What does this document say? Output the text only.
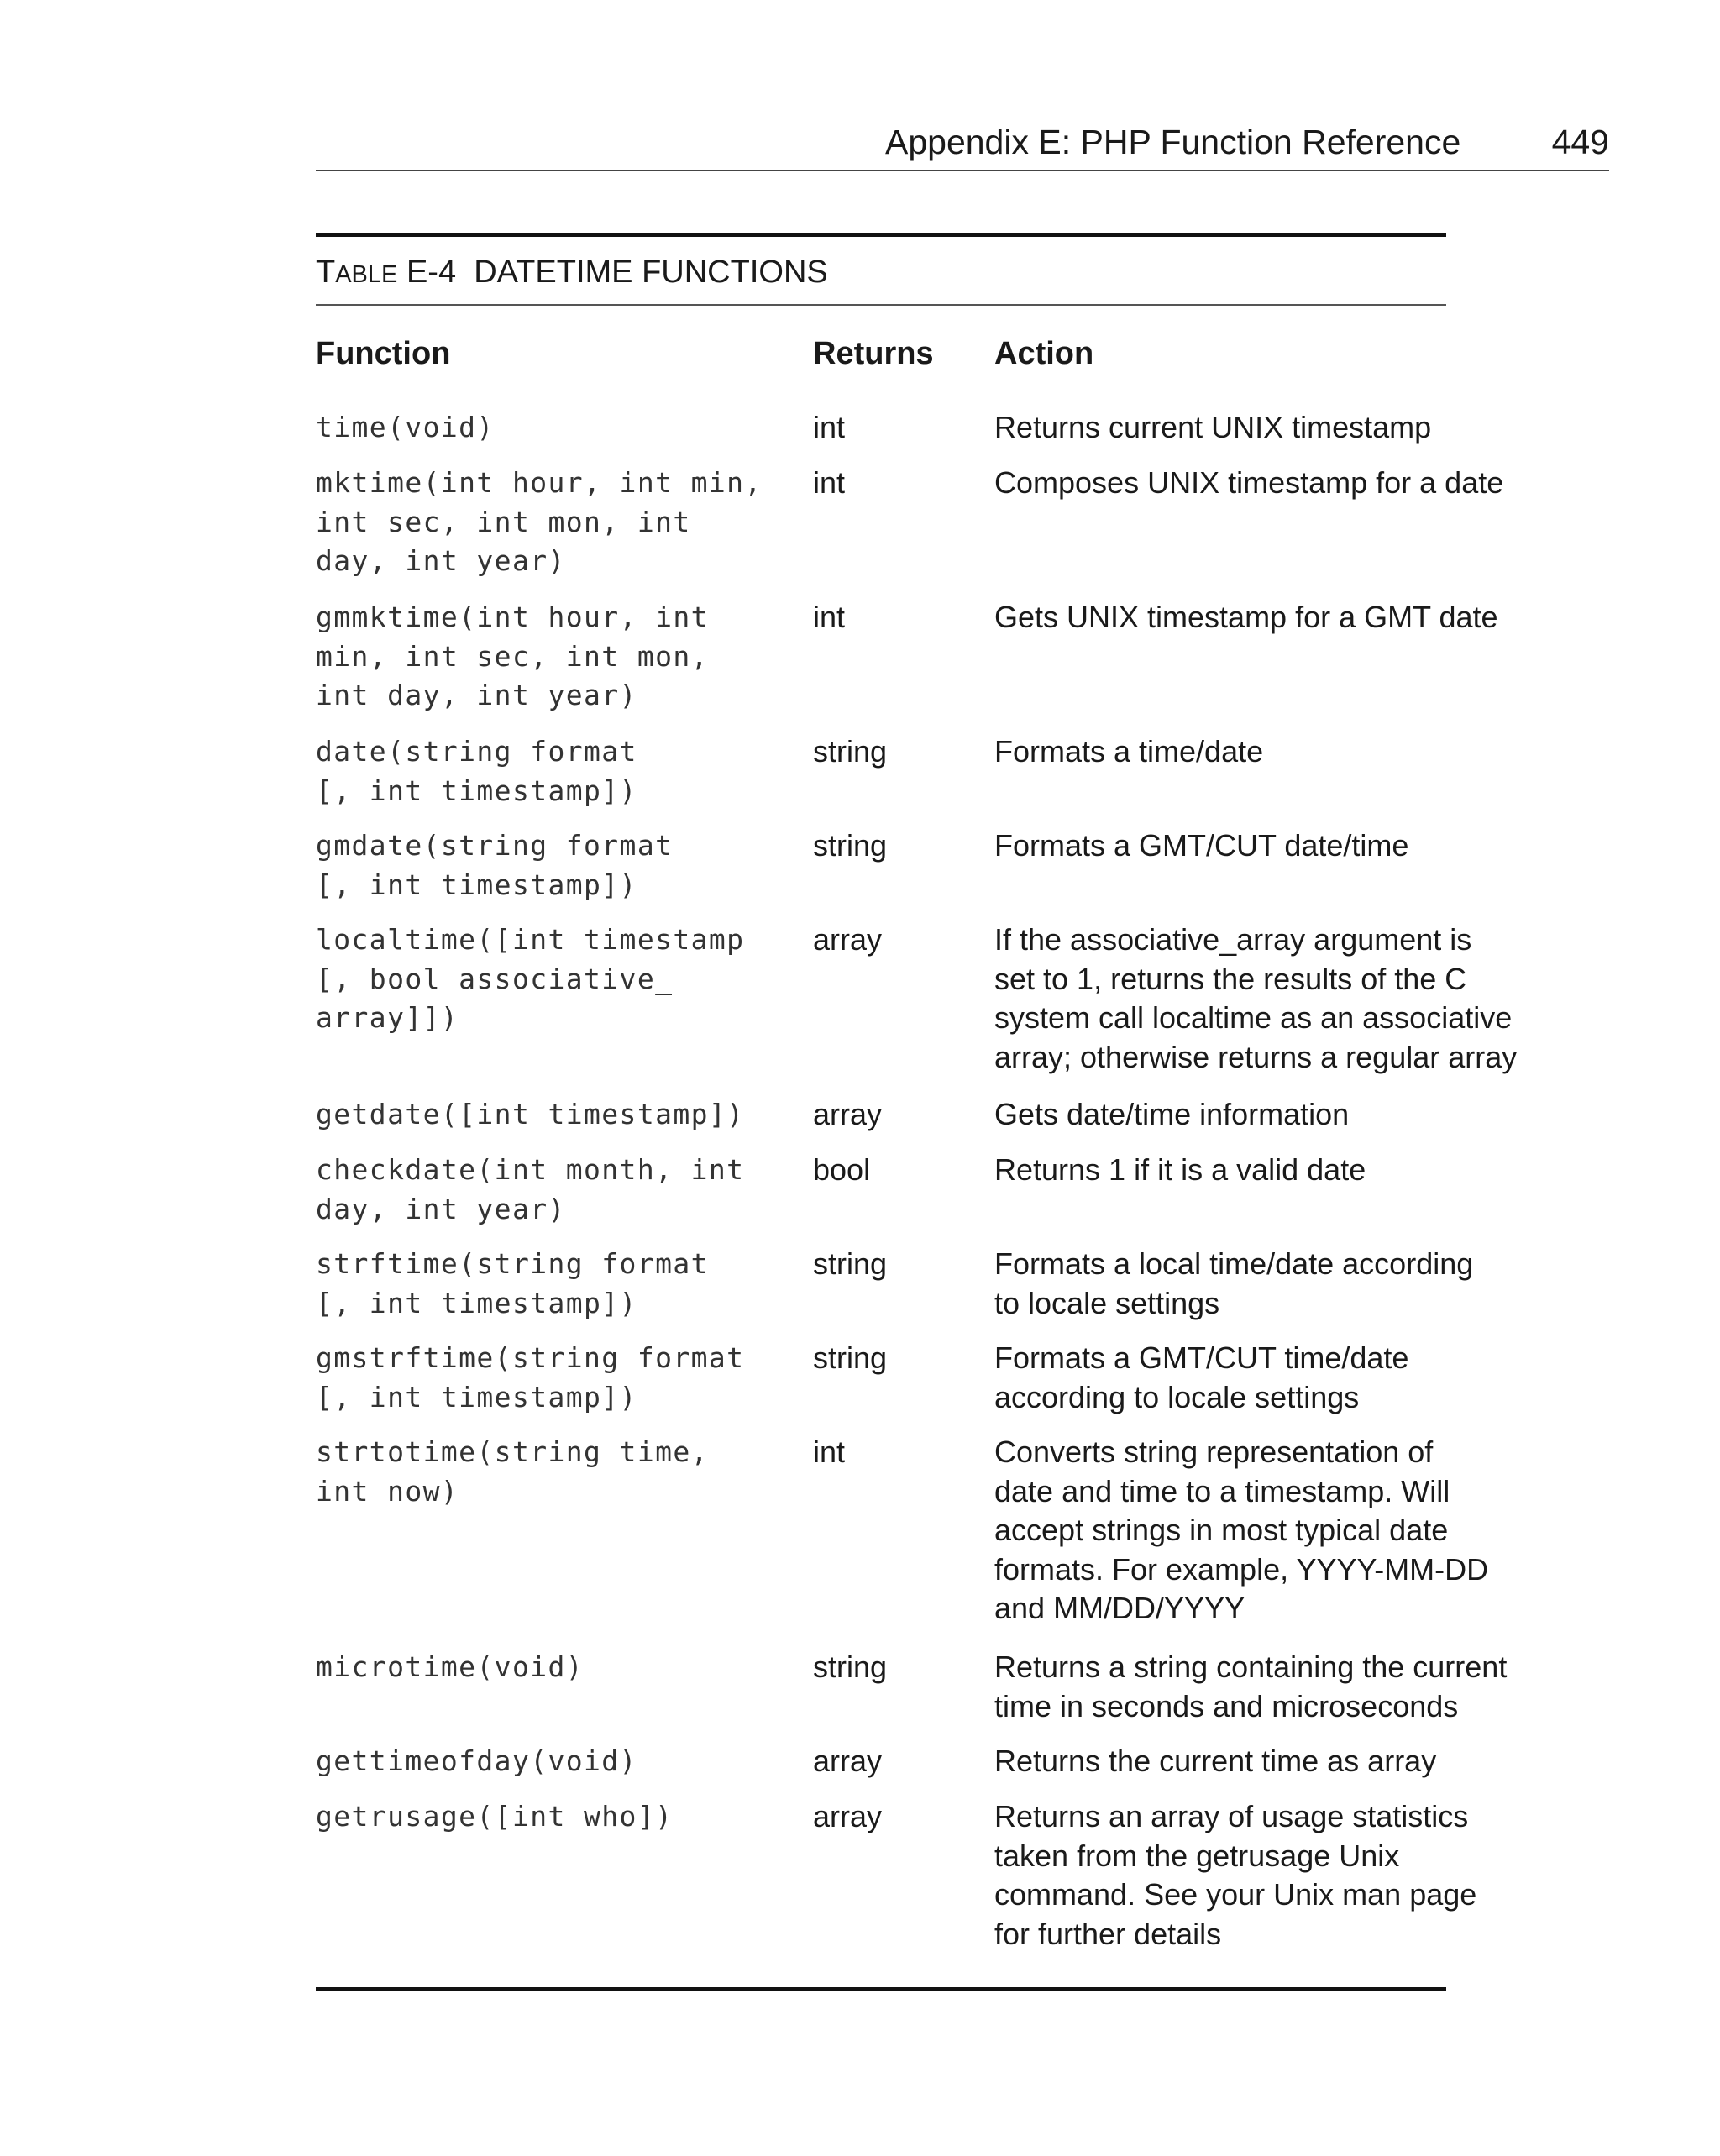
Appendix E: PHP Function Reference	449
TABLE E-4 DATETIME FUNCTIONS
Function	Returns Action
time(void)	int	Returns current UNIX timestamp
mktime(int hour, int min,
int sec, int mon, int
day, int year)
int	Composes UNIX timestamp for a date
gmmktime(int hour, int
min, int sec, int mon,
int day, int year)
int	Gets UNIX timestamp for a GMT date
date(string format
[, int timestamp])
string	Formats a time/date
gmdate(string format
[, int timestamp])
string	Formats a GMT/CUT date/time
localtime([int timestamp
[, bool associative_
array]])
array	If the associative_array argument is
set to 1, returns the results of the C
system call localtime as an associative
array; otherwise returns a regular array
getdate([int timestamp]) array	Gets date/time information
checkdate(int month, int
day, int year)
bool	Returns 1 if it is a valid date
strftime(string format
[, int timestamp])
string	Formats a local time/date according
to locale settings
gmstrftime(string format
[, int timestamp])
string	Formats a GMT/CUT time/date
according to locale settings
strtotime(string time,
int now)
int	Converts string representation of
date and time to a timestamp. Will
accept strings in most typical date
formats. For example, YYYY-MM-DD
and MM/DD/YYYY
microtime(void)	string	Returns a string containing the current
time in seconds and microseconds
gettimeofday(void)	array	Returns the current time as array
getrusage([int who])	array	Returns an array of usage statistics
taken from the getrusage Unix
command. See your Unix man page
for further details
